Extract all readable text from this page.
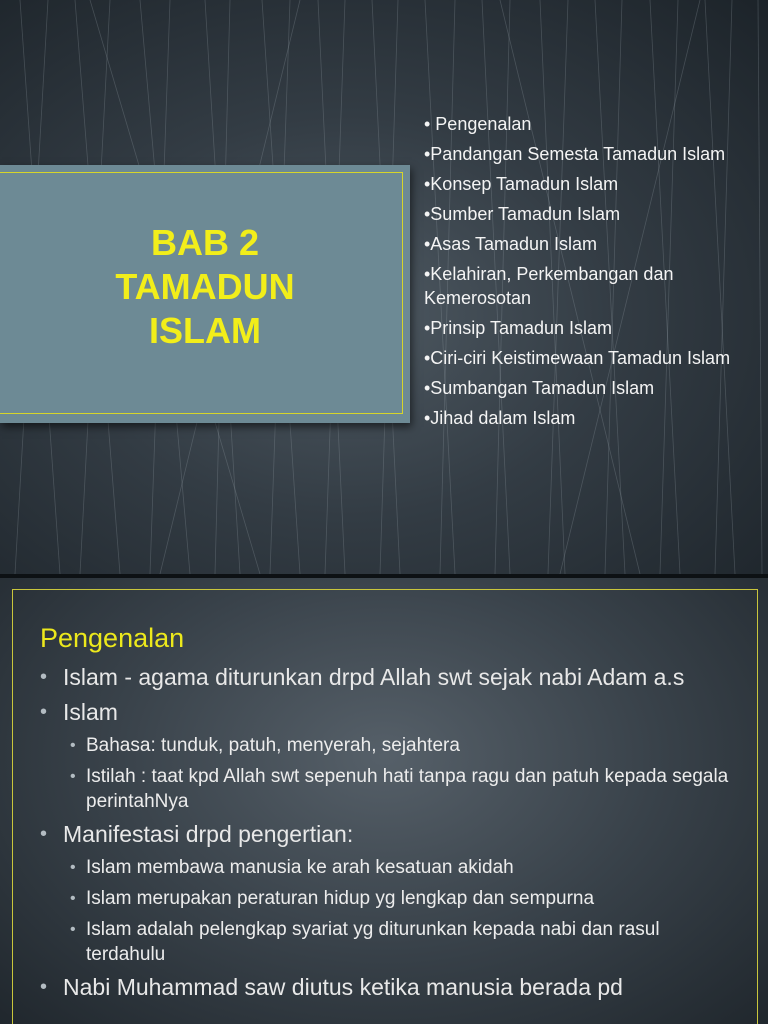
BAB 2
TAMADUN
ISLAM
• Pengenalan
•Pandangan Semesta Tamadun Islam
•Konsep Tamadun Islam
•Sumber Tamadun Islam
•Asas Tamadun Islam
•Kelahiran, Perkembangan dan Kemerosotan
•Prinsip Tamadun Islam
•Ciri-ciri Keistimewaan Tamadun Islam
•Sumbangan Tamadun Islam
•Jihad dalam Islam
Pengenalan
• Islam - agama diturunkan drpd Allah swt sejak nabi Adam a.s
• Islam
• Bahasa: tunduk, patuh, menyerah, sejahtera
• Istilah : taat kpd Allah swt sepenuh hati tanpa ragu dan patuh kepada segala perintahNya
• Manifestasi drpd pengertian:
• Islam membawa manusia ke arah kesatuan akidah
• Islam merupakan peraturan hidup yg lengkap dan sempurna
• Islam adalah pelengkap syariat yg diturunkan kepada nabi dan rasul terdahulu
• Nabi Muhammad saw diutus ketika manusia berada pd
